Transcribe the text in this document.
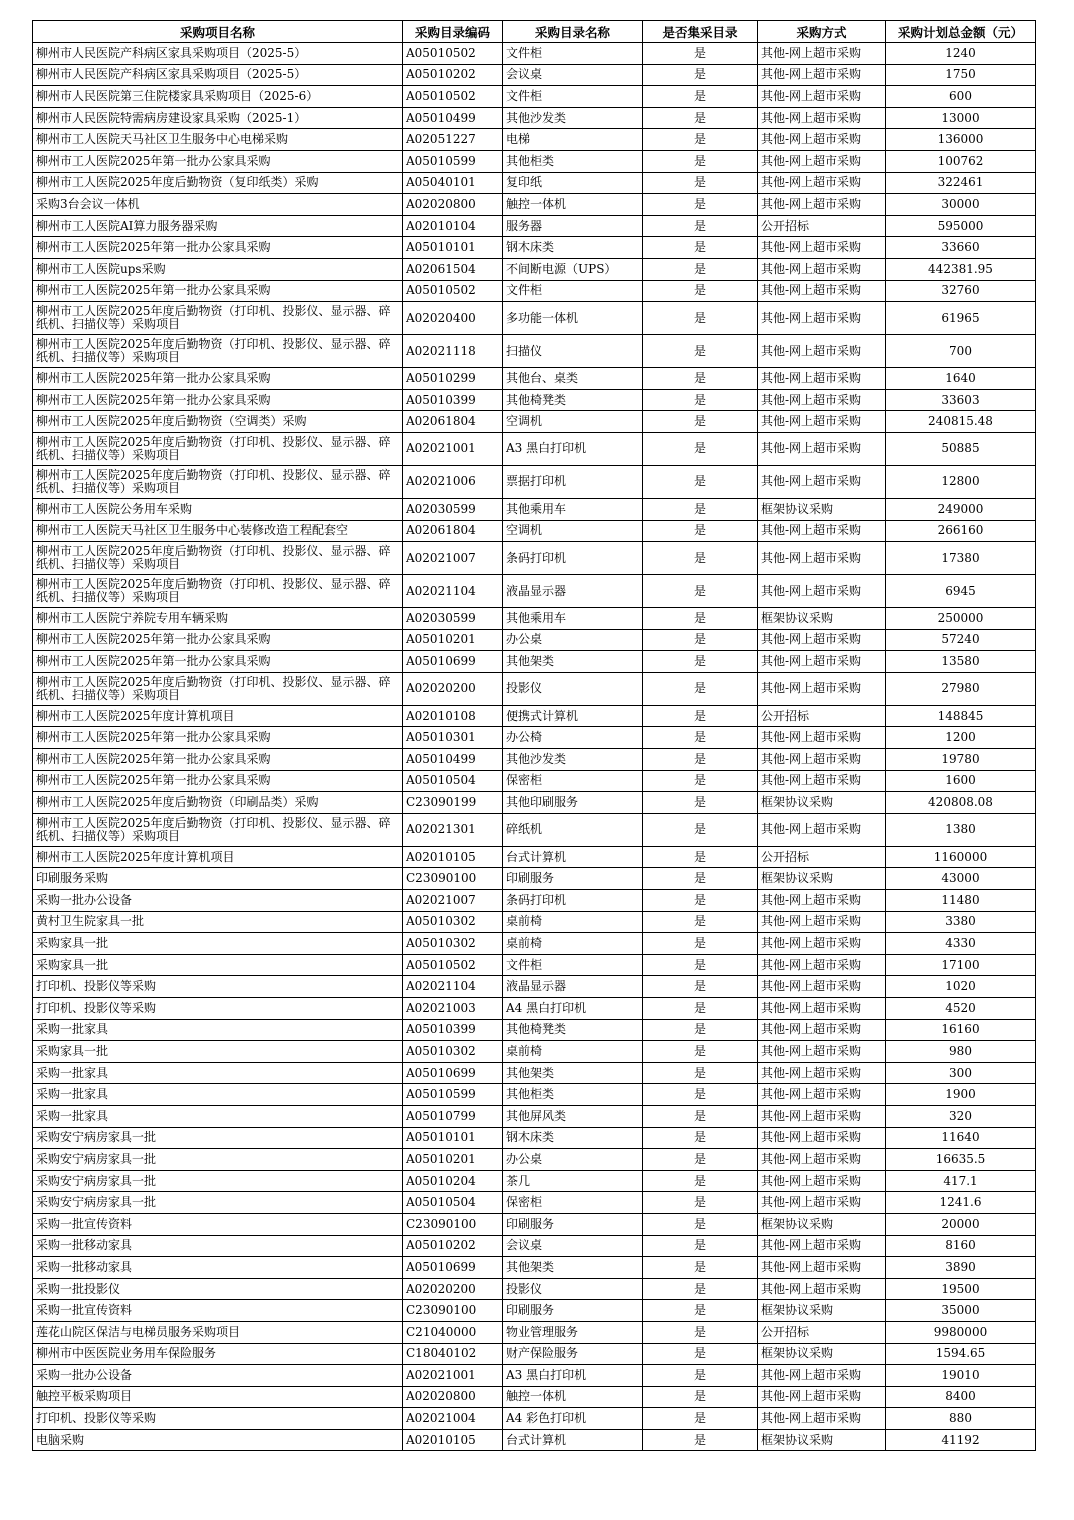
采购项目名称	采购目录编码	采购目录名称	是否集采目录	采购方式	采购计划总金额（元）
柳州市人民医院产科病区家具采购项目（2025-5）	A05010502	文件柜	是	其他-网上超市采购	1240
柳州市人民医院产科病区家具采购项目（2025-5）	A05010202	会议桌	是	其他-网上超市采购	1750
柳州市人民医院第三住院楼家具采购项目（2025-6）	A05010502	文件柜	是	其他-网上超市采购	600
柳州市人民医院特需病房建设家具采购（2025-1）	A05010499	其他沙发类	是	其他-网上超市采购	13000
柳州市工人医院天马社区卫生服务中心电梯采购	A02051227	电梯	是	其他-网上超市采购	136000
柳州市工人医院2025年第一批办公家具采购	A05010599	其他柜类	是	其他-网上超市采购	100762
柳州市工人医院2025年度后勤物资（复印纸类）采购	A05040101	复印纸	是	其他-网上超市采购	322461
采购3台会议一体机	A02020800	触控一体机	是	其他-网上超市采购	30000
柳州市工人医院AI算力服务器采购	A02010104	服务器	是	公开招标	595000
柳州市工人医院2025年第一批办公家具采购	A05010101	钢木床类	是	其他-网上超市采购	33660
柳州市工人医院ups采购	A02061504	不间断电源（UPS）	是	其他-网上超市采购	442381.95
柳州市工人医院2025年第一批办公家具采购	A05010502	文件柜	是	其他-网上超市采购	32760
柳州市工人医院2025年度后勤物资（打印机、投影仪、显示器、碎纸机、扫描仪等）采购项目	A02020400	多功能一体机	是	其他-网上超市采购	61965
柳州市工人医院2025年度后勤物资（打印机、投影仪、显示器、碎纸机、扫描仪等）采购项目	A02021118	扫描仪	是	其他-网上超市采购	700
柳州市工人医院2025年第一批办公家具采购	A05010299	其他台、桌类	是	其他-网上超市采购	1640
柳州市工人医院2025年第一批办公家具采购	A05010399	其他椅凳类	是	其他-网上超市采购	33603
柳州市工人医院2025年度后勤物资（空调类）采购	A02061804	空调机	是	其他-网上超市采购	240815.48
柳州市工人医院2025年度后勤物资（打印机、投影仪、显示器、碎纸机、扫描仪等）采购项目	A02021001	A3 黑白打印机	是	其他-网上超市采购	50885
柳州市工人医院2025年度后勤物资（打印机、投影仪、显示器、碎纸机、扫描仪等）采购项目	A02021006	票据打印机	是	其他-网上超市采购	12800
柳州市工人医院公务用车采购	A02030599	其他乘用车	是	框架协议采购	249000
柳州市工人医院天马社区卫生服务中心装修改造工程配套空	A02061804	空调机	是	其他-网上超市采购	266160
柳州市工人医院2025年度后勤物资（打印机、投影仪、显示器、碎纸机、扫描仪等）采购项目	A02021007	条码打印机	是	其他-网上超市采购	17380
柳州市工人医院2025年度后勤物资（打印机、投影仪、显示器、碎纸机、扫描仪等）采购项目	A02021104	液晶显示器	是	其他-网上超市采购	6945
柳州市工人医院宁养院专用车辆采购	A02030599	其他乘用车	是	框架协议采购	250000
柳州市工人医院2025年第一批办公家具采购	A05010201	办公桌	是	其他-网上超市采购	57240
柳州市工人医院2025年第一批办公家具采购	A05010699	其他架类	是	其他-网上超市采购	13580
柳州市工人医院2025年度后勤物资（打印机、投影仪、显示器、碎纸机、扫描仪等）采购项目	A02020200	投影仪	是	其他-网上超市采购	27980
柳州市工人医院2025年度计算机项目	A02010108	便携式计算机	是	公开招标	148845
柳州市工人医院2025年第一批办公家具采购	A05010301	办公椅	是	其他-网上超市采购	1200
柳州市工人医院2025年第一批办公家具采购	A05010499	其他沙发类	是	其他-网上超市采购	19780
柳州市工人医院2025年第一批办公家具采购	A05010504	保密柜	是	其他-网上超市采购	1600
柳州市工人医院2025年度后勤物资（印刷品类）采购	C23090199	其他印刷服务	是	框架协议采购	420808.08
柳州市工人医院2025年度后勤物资（打印机、投影仪、显示器、碎纸机、扫描仪等）采购项目	A02021301	碎纸机	是	其他-网上超市采购	1380
柳州市工人医院2025年度计算机项目	A02010105	台式计算机	是	公开招标	1160000
印刷服务采购	C23090100	印刷服务	是	框架协议采购	43000
采购一批办公设备	A02021007	条码打印机	是	其他-网上超市采购	11480
黄村卫生院家具一批	A05010302	桌前椅	是	其他-网上超市采购	3380
采购家具一批	A05010302	桌前椅	是	其他-网上超市采购	4330
采购家具一批	A05010502	文件柜	是	其他-网上超市采购	17100
打印机、投影仪等采购	A02021104	液晶显示器	是	其他-网上超市采购	1020
打印机、投影仪等采购	A02021003	A4 黑白打印机	是	其他-网上超市采购	4520
采购一批家具	A05010399	其他椅凳类	是	其他-网上超市采购	16160
采购家具一批	A05010302	桌前椅	是	其他-网上超市采购	980
采购一批家具	A05010699	其他架类	是	其他-网上超市采购	300
采购一批家具	A05010599	其他柜类	是	其他-网上超市采购	1900
采购一批家具	A05010799	其他屏风类	是	其他-网上超市采购	320
采购安宁病房家具一批	A05010101	钢木床类	是	其他-网上超市采购	11640
采购安宁病房家具一批	A05010201	办公桌	是	其他-网上超市采购	16635.5
采购安宁病房家具一批	A05010204	茶几	是	其他-网上超市采购	417.1
采购安宁病房家具一批	A05010504	保密柜	是	其他-网上超市采购	1241.6
采购一批宣传资料	C23090100	印刷服务	是	框架协议采购	20000
采购一批移动家具	A05010202	会议桌	是	其他-网上超市采购	8160
采购一批移动家具	A05010699	其他架类	是	其他-网上超市采购	3890
采购一批投影仪	A02020200	投影仪	是	其他-网上超市采购	19500
采购一批宣传资料	C23090100	印刷服务	是	框架协议采购	35000
莲花山院区保洁与电梯员服务采购项目	C21040000	物业管理服务	是	公开招标	9980000
柳州市中医医院业务用车保险服务	C18040102	财产保险服务	是	框架协议采购	1594.65
采购一批办公设备	A02021001	A3 黑白打印机	是	其他-网上超市采购	19010
触控平板采购项目	A02020800	触控一体机	是	其他-网上超市采购	8400
打印机、投影仪等采购	A02021004	A4 彩色打印机	是	其他-网上超市采购	880
电脑采购	A02010105	台式计算机	是	框架协议采购	41192
